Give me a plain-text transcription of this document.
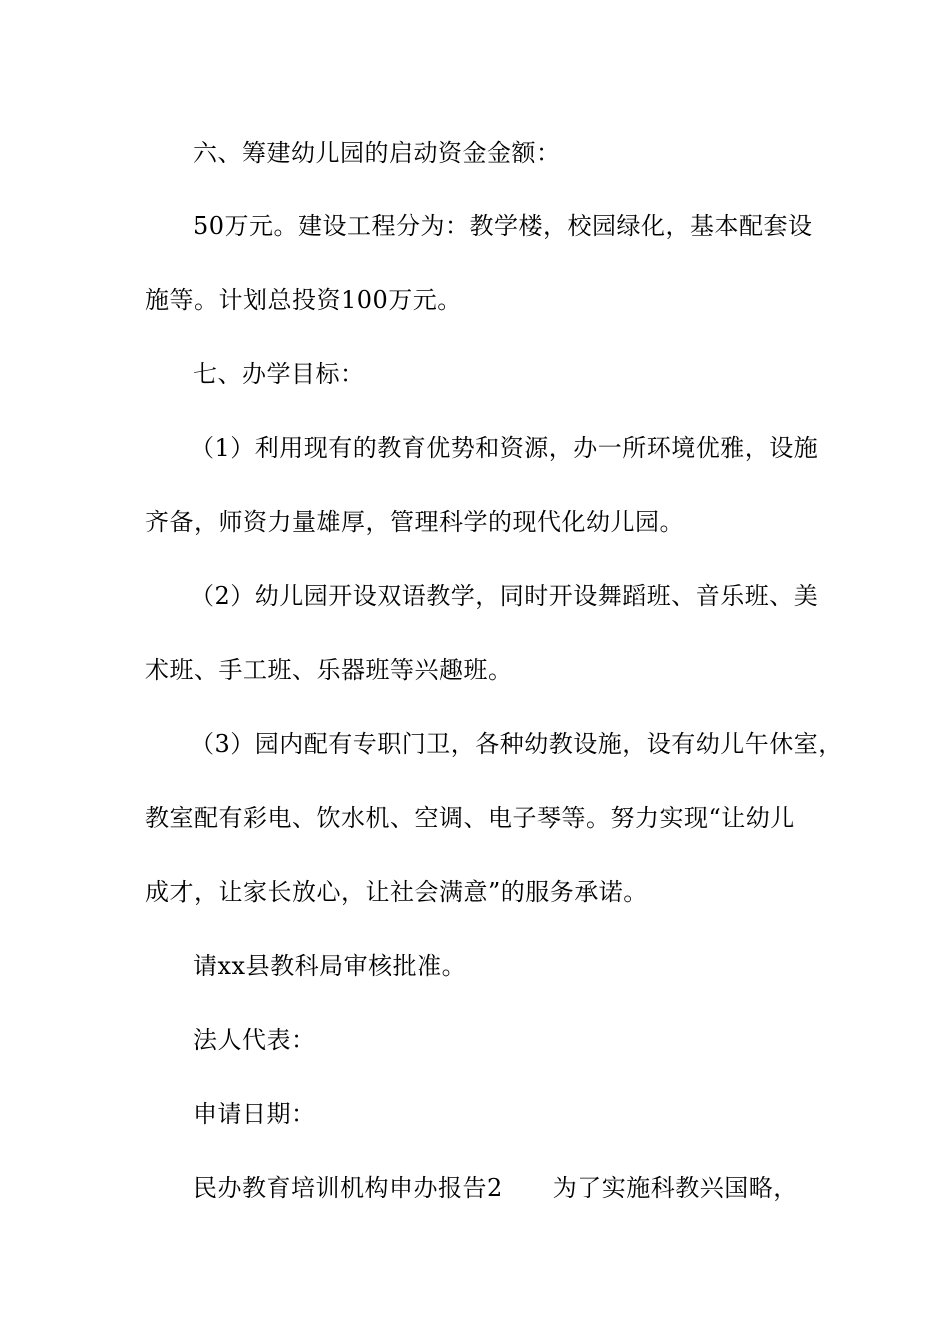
六、筹建幼儿园的启动资金金额：
50万元。建设工程分为：教学楼，校园绿化，基本配套设
施等。计划总投资100万元。
七、办学目标：
（1）利用现有的教育优势和资源，办一所环境优雅，设施
齐备，师资力量雄厚，管理科学的现代化幼儿园。
（2）幼儿园开设双语教学，同时开设舞蹈班、音乐班、美
术班、手工班、乐器班等兴趣班。
（3）园内配有专职门卫，各种幼教设施，设有幼儿午休室，
教室配有彩电、饮水机、空调、电子琴等。努力实现“让幼儿
成才，让家长放心，让社会满意”的服务承诺。
请xx县教科局审核批准。
法人代表：
申请日期：
民办教育培训机构申办报告2 为了实施科教兴国略，
